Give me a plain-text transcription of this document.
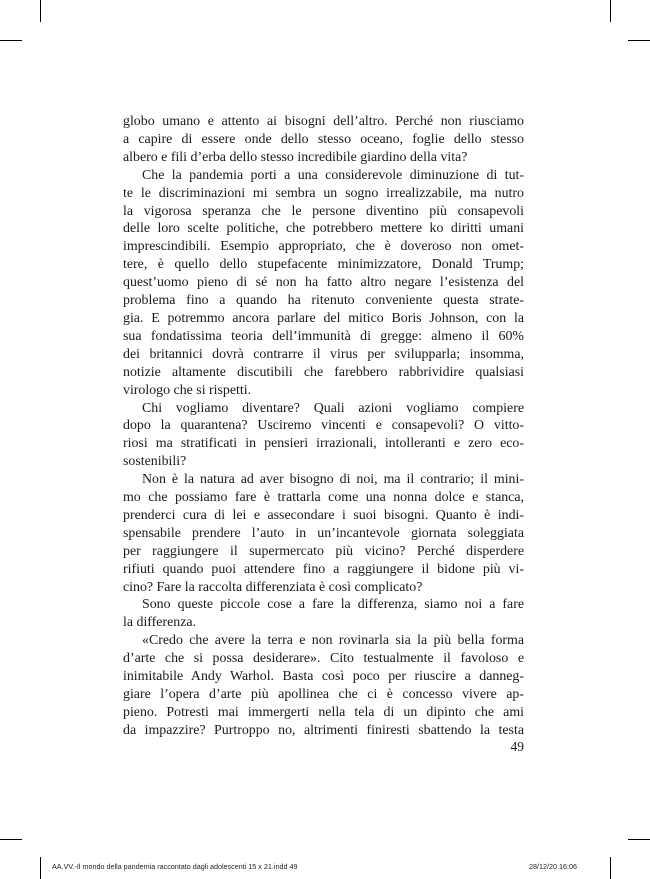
globo umano e attento ai bisogni dell’altro. Perché non riusciamo
a capire di essere onde dello stesso oceano, foglie dello stesso
albero e fili d’erba dello stesso incredibile giardino della vita?

Che la pandemia porti a una considerevole diminuzione di tut-
te le discriminazioni mi sembra un sogno irrealizzabile, ma nutro
la vigorosa speranza che le persone diventino più consapevoli
delle loro scelte politiche, che potrebbero mettere ko diritti umani
imprescindibili. Esempio appropriato, che è doveroso non omet-
tere, è quello dello stupefacente minimizzatore, Donald Trump;
quest’uomo pieno di sé non ha fatto altro negare l’esistenza del
problema fino a quando ha ritenuto conveniente questa strate-
gia. E potremmo ancora parlare del mitico Boris Johnson, con la
sua fondatissima teoria dell’immunità di gregge: almeno il 60%
dei britannici dovrà contrarre il virus per svilupparla; insomma,
notizie altamente discutibili che farebbero rabbrividire qualsiasi
virologo che si rispetti.

Chi vogliamo diventare? Quali azioni vogliamo compiere
dopo la quarantena? Usciremo vincenti e consapevoli? O vitto-
riosi ma stratificati in pensieri irrazionali, intolleranti e zero eco-
sostenibili?

Non è la natura ad aver bisogno di noi, ma il contrario; il mini-
mo che possiamo fare è trattarla come una nonna dolce e stanca,
prenderci cura di lei e assecondare i suoi bisogni. Quanto è indi-
spensabile prendere l’auto in un’incantevole giornata soleggiata
per raggiungere il supermercato più vicino? Perché disperdere
rifiuti quando puoi attendere fino a raggiungere il bidone più vi-
cino? Fare la raccolta differenziata è così complicato?

Sono queste piccole cose a fare la differenza, siamo noi a fare
la differenza.

«Credo che avere la terra e non rovinarla sia la più bella forma
d’arte che si possa desiderare». Cito testualmente il favoloso e
inimitabile Andy Warhol. Basta così poco per riuscire a danneg-
giare l’opera d’arte più apollinea che ci è concesso vivere ap-
pieno. Potresti mai immergerti nella tela di un dipinto che ami
da impazzire? Purtroppo no, altrimenti finiresti sbattendo la testa

49
AA.VV.-Il mondo della pandemia raccontato dagli adolescenti 15 x 21.indd 49	28/12/20 16:06
